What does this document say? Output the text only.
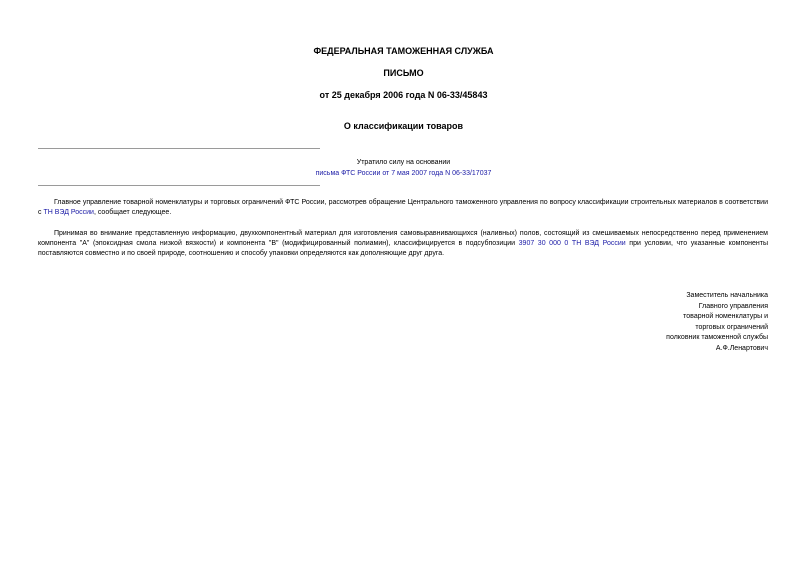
ФЕДЕРАЛЬНАЯ ТАМОЖЕННАЯ СЛУЖБА

ПИСЬМО

от 25 декабря 2006 года N 06-33/45843

О классификации товаров

Утратило силу на основании
письма ФТС России от 7 мая 2007 года N 06-33/17037

Главное управление товарной номенклатуры и торговых ограничений ФТС России, рассмотрев обращение Центрального таможенного управления по вопросу классификации строительных материалов в соответствии с ТН ВЭД России, сообщает следующее.

Принимая во внимание представленную информацию, двухкомпонентный материал для изготовления самовыравнивающихся (наливных) полов, состоящий из смешиваемых непосредственно перед применением компонента "А" (эпоксидная смола низкой вязкости) и компонента "В" (модифицированный полиамин), классифицируется в подсубпозиции 3907 30 000 0 ТН ВЭД России при условии, что указанные компоненты поставляются совместно и по своей природе, соотношению и способу упаковки определяются как дополняющие друг друга.

Заместитель начальника
Главного управления
товарной номенклатуры и
торговых ограничений
полковник таможенной службы
А.Ф.Ленартович
